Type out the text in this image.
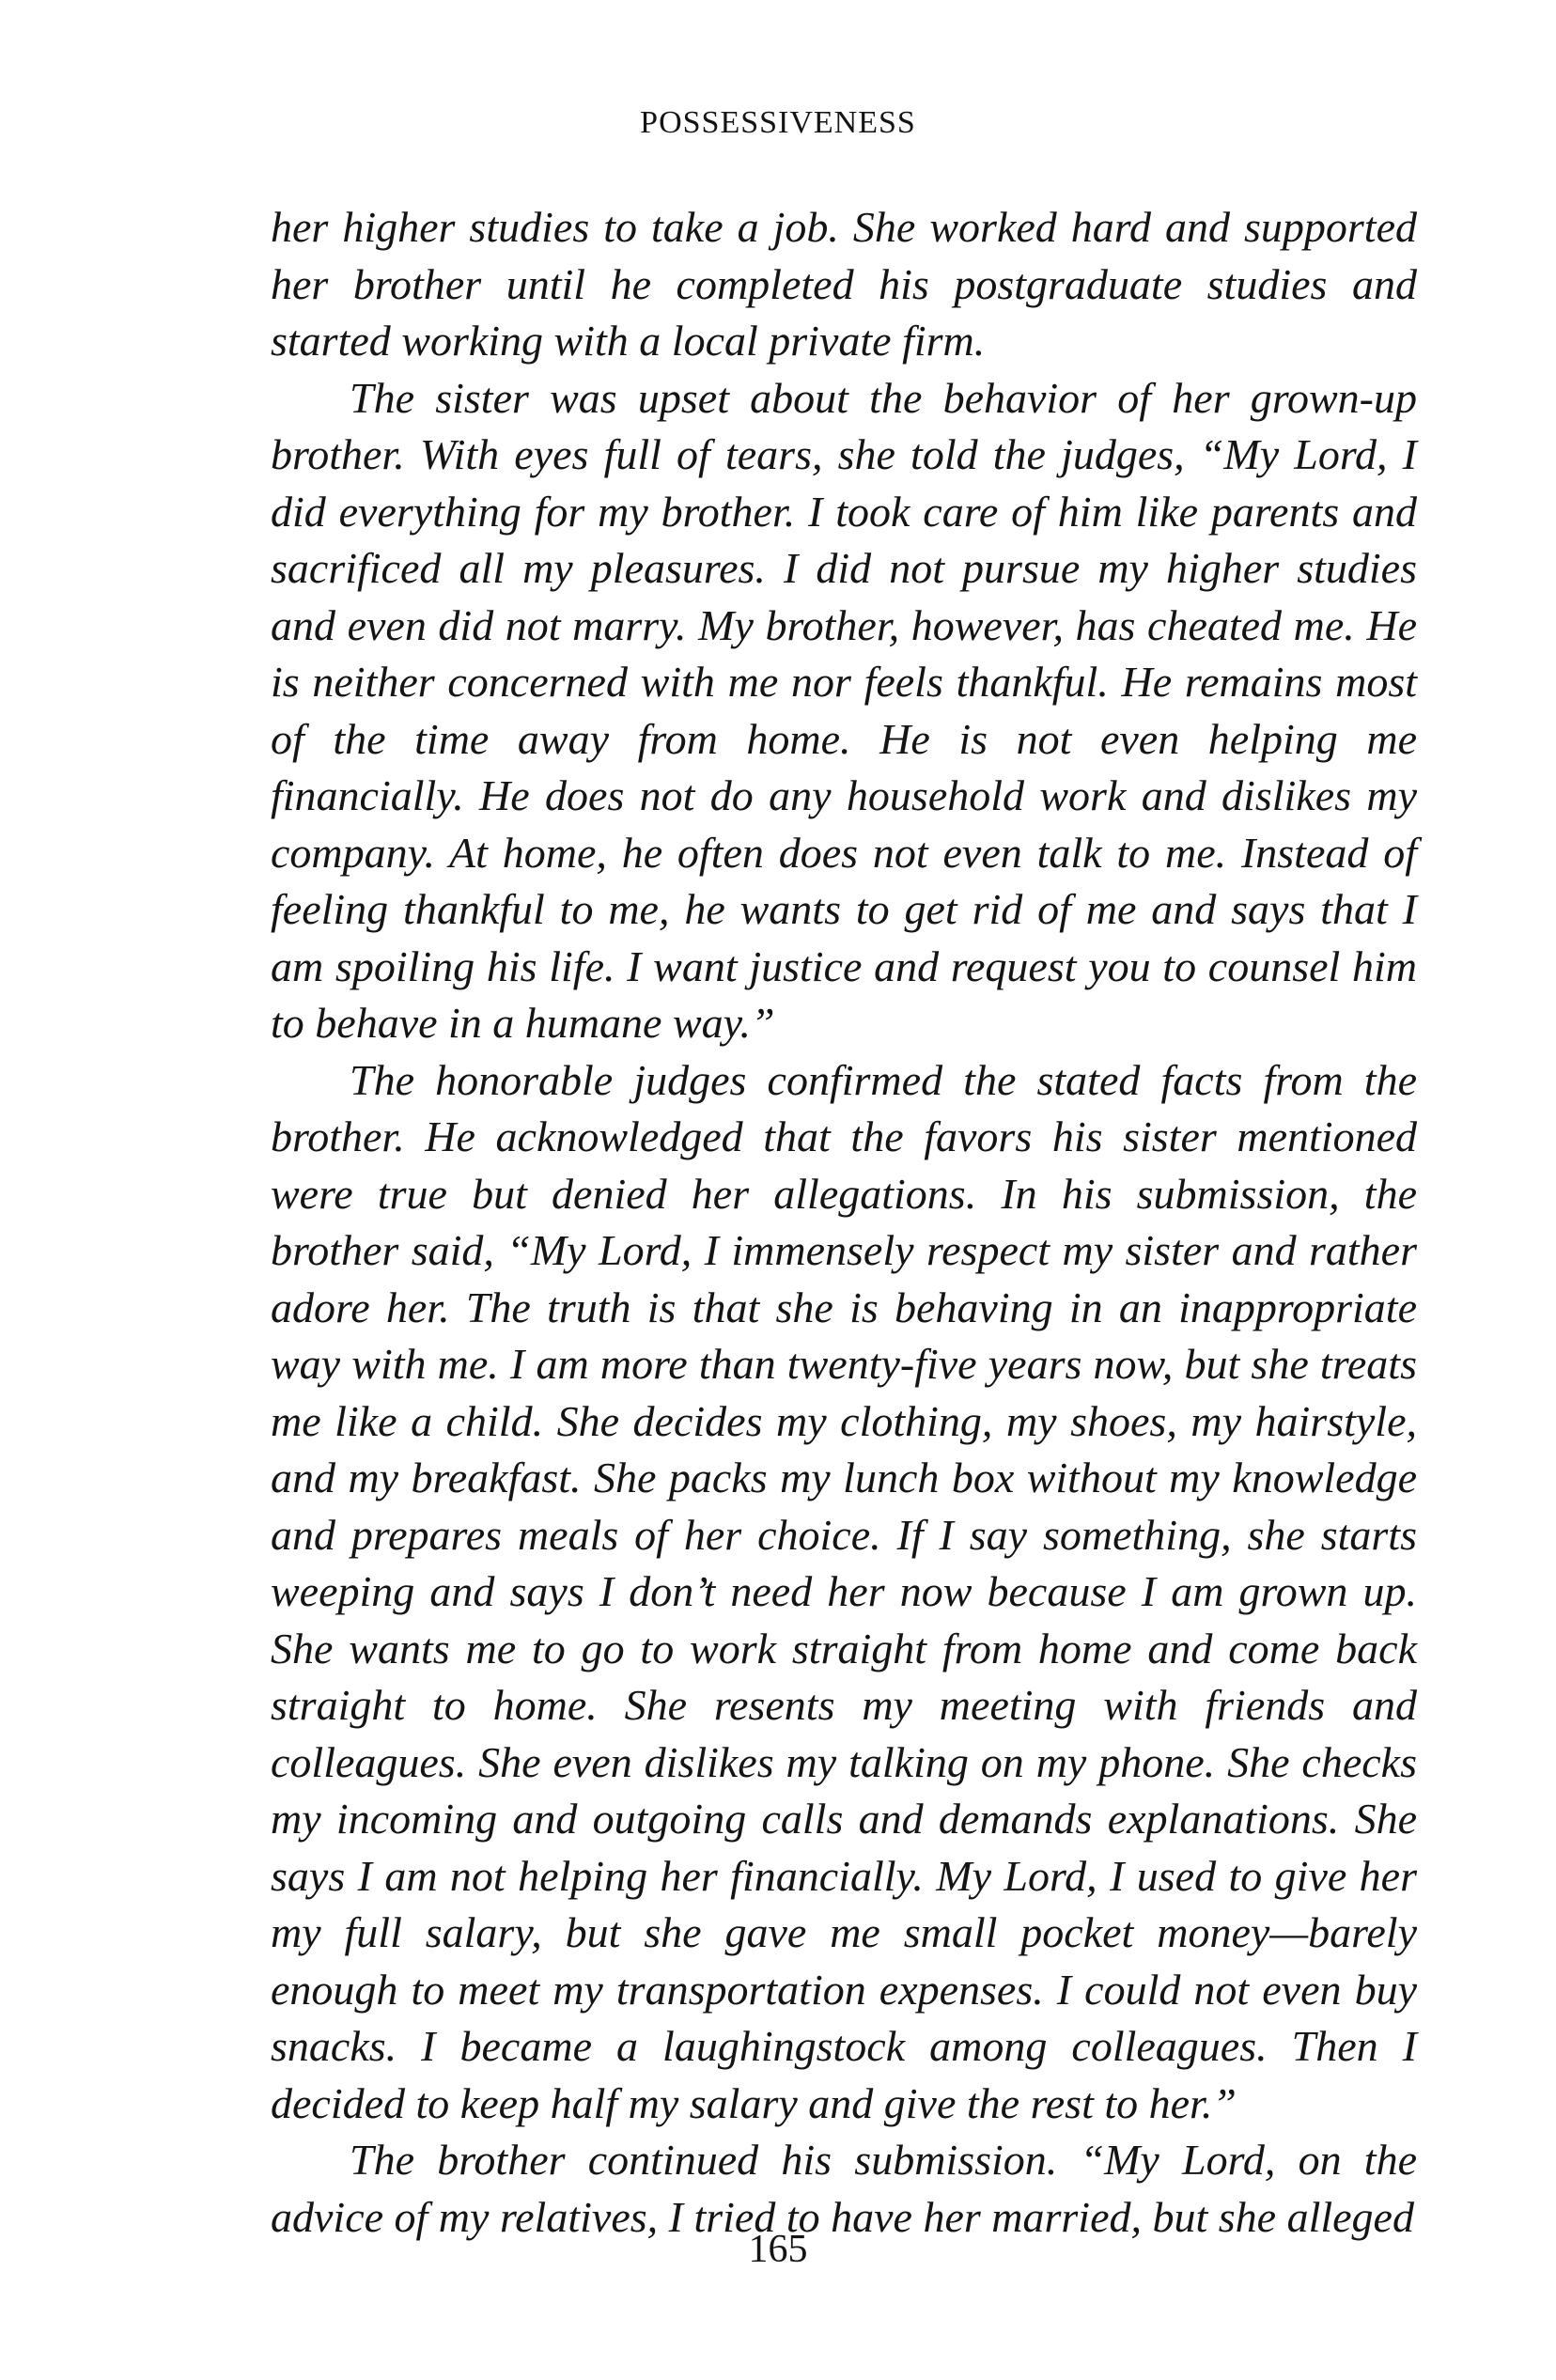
POSSESSIVENESS

her higher studies to take a job. She worked hard and supported her brother until he completed his postgraduate studies and started working with a local private firm.

The sister was upset about the behavior of her grown-up brother. With eyes full of tears, she told the judges, “My Lord, I did everything for my brother. I took care of him like parents and sacrificed all my pleasures. I did not pursue my higher studies and even did not marry. My brother, however, has cheated me. He is neither concerned with me nor feels thankful. He remains most of the time away from home. He is not even helping me financially. He does not do any household work and dislikes my company. At home, he often does not even talk to me. Instead of feeling thankful to me, he wants to get rid of me and says that I am spoiling his life. I want justice and request you to counsel him to behave in a humane way.”

The honorable judges confirmed the stated facts from the brother. He acknowledged that the favors his sister mentioned were true but denied her allegations. In his submission, the brother said, “My Lord, I immensely respect my sister and rather adore her. The truth is that she is behaving in an inappropriate way with me. I am more than twenty-five years now, but she treats me like a child. She decides my clothing, my shoes, my hairstyle, and my breakfast. She packs my lunch box without my knowledge and prepares meals of her choice. If I say something, she starts weeping and says I don’t need her now because I am grown up. She wants me to go to work straight from home and come back straight to home. She resents my meeting with friends and colleagues. She even dislikes my talking on my phone. She checks my incoming and outgoing calls and demands explanations. She says I am not helping her financially. My Lord, I used to give her my full salary, but she gave me small pocket money—barely enough to meet my transportation expenses. I could not even buy snacks. I became a laughingstock among colleagues. Then I decided to keep half my salary and give the rest to her.”

The brother continued his submission. “My Lord, on the advice of my relatives, I tried to have her married, but she alleged

165
